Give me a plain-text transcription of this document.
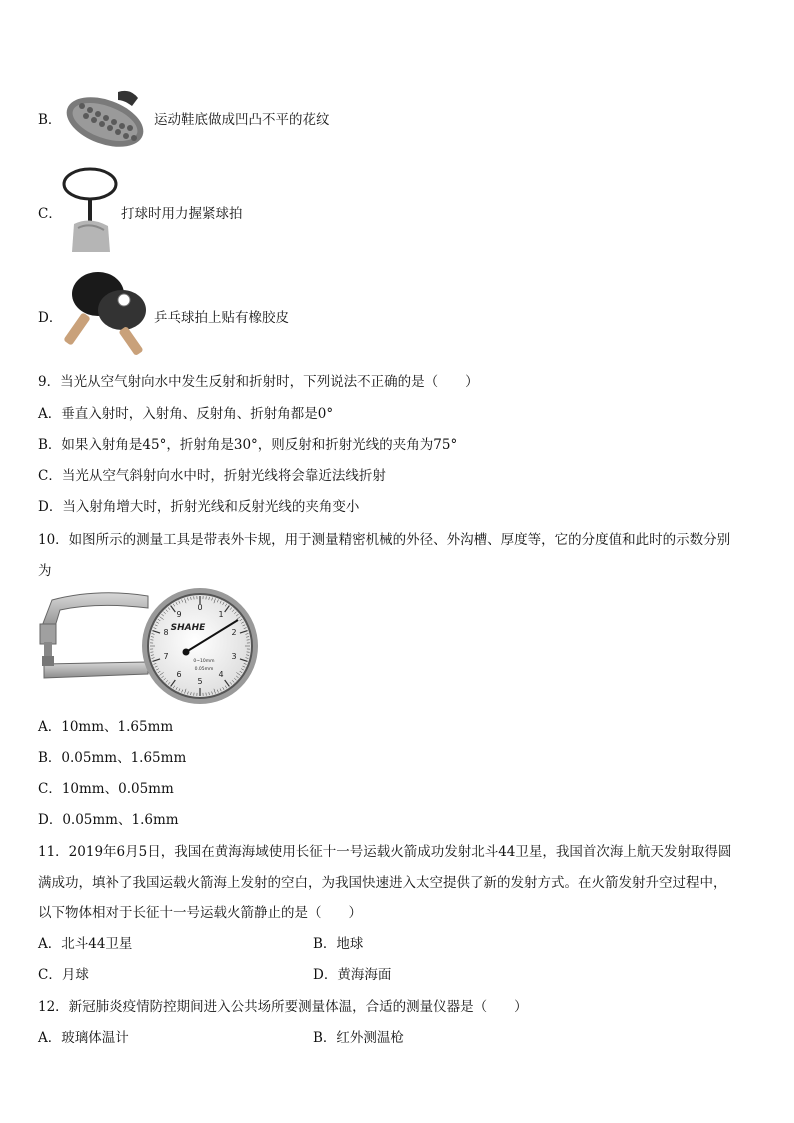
B．	运动鞋底做成凹凸不平的花纹
C．	打球时用力握紧球拍
D．	乒乓球拍上贴有橡胶皮
9．当光从空气射向水中发生反射和折射时，下列说法不正确的是（　　）
A．垂直入射时，入射角、反射角、折射角都是0°
B．如果入射角是45°，折射角是30°，则反射和折射光线的夹角为75°
C．当光从空气斜射向水中时，折射光线将会靠近法线折射
D．当入射角增大时，折射光线和反射光线的夹角变小
10．如图所示的测量工具是带表外卡规，用于测量精密机械的外径、外沟槽、厚度等，它的分度值和此时的示数分别
为
0
1
2
3
4
5
6
7
8
9
SHAHE
0~10mm
0.05mm
A．10mm、1.65mm
B．0.05mm、1.65mm
C．10mm、0.05mm
D．0.05mm、1.6mm
11．2019年6月5日，我国在黄海海域使用长征十一号运载火箭成功发射北斗44卫星，我国首次海上航天发射取得圆
满成功，填补了我国运载火箭海上发射的空白，为我国快速进入太空提供了新的发射方式。在火箭发射升空过程中，
以下物体相对于长征十一号运载火箭静止的是（　　）
A．北斗44卫星	B．地球
C．月球	D．黄海海面
12．新冠肺炎疫情防控期间进入公共场所要测量体温，合适的测量仪器是（　　）
A．玻璃体温计	B．红外测温枪
